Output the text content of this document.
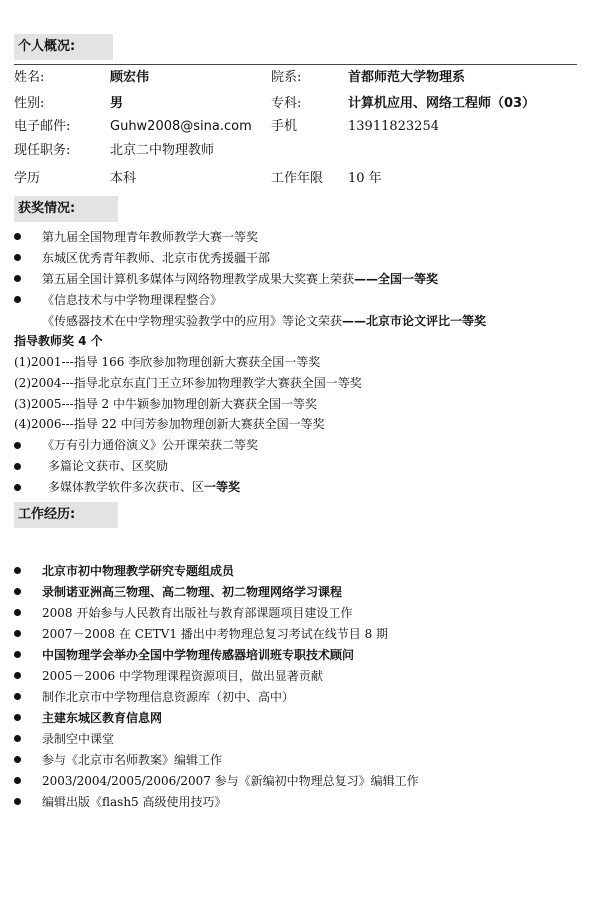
个人概况:
姓名:	顾宏伟	院系:	首都师范大学物理系
性别:	男	专科:	计算机应用、网络工程师（03）
电子邮件:	Guhw2008@sina.com 手机	13911823254
现任职务:	北京二中物理教师
学历	本科	工作年限 10 年
获奖情况:
第九届全国物理青年教师教学大赛一等奖
东城区优秀青年教师、北京市优秀援疆干部
第五届全国计算机多媒体与网络物理教学成果大奖赛上荣获——全国一等奖
《信息技术与中学物理课程整合》
《传感器技术在中学物理实验教学中的应用》等论文荣获——北京市论文评比一等奖
指导教师奖 4 个
(1)2001---指导 166 李欣参加物理创新大赛获全国一等奖
(2)2004---指导北京东直门王立环参加物理教学大赛获全国一等奖
(3)2005---指导 2 中牛颖参加物理创新大赛获全国一等奖
(4)2006---指导 22 中闫芳参加物理创新大赛获全国一等奖
《万有引力通俗演义》公开课荣获二等奖
多篇论文获市、区奖励
多媒体教学软件多次获市、区一等奖
工作经历:
北京市初中物理教学研究专题组成员
录制诺亚洲高三物理、高二物理、初二物理网络学习课程
2008 开始参与人民教育出版社与教育部课题项目建设工作
2007－2008 在 CETV1 播出中考物理总复习考试在线节目 8 期
中国物理学会举办全国中学物理传感器培训班专职技术顾问
2005－2006 中学物理课程资源项目，做出显著贡献
制作北京市中学物理信息资源库（初中、高中）
主建东城区教育信息网
录制空中课堂
参与《北京市名师教案》编辑工作
2003/2004/2005/2006/2007 参与《新编初中物理总复习》编辑工作
编辑出版《flash5 高级使用技巧》
